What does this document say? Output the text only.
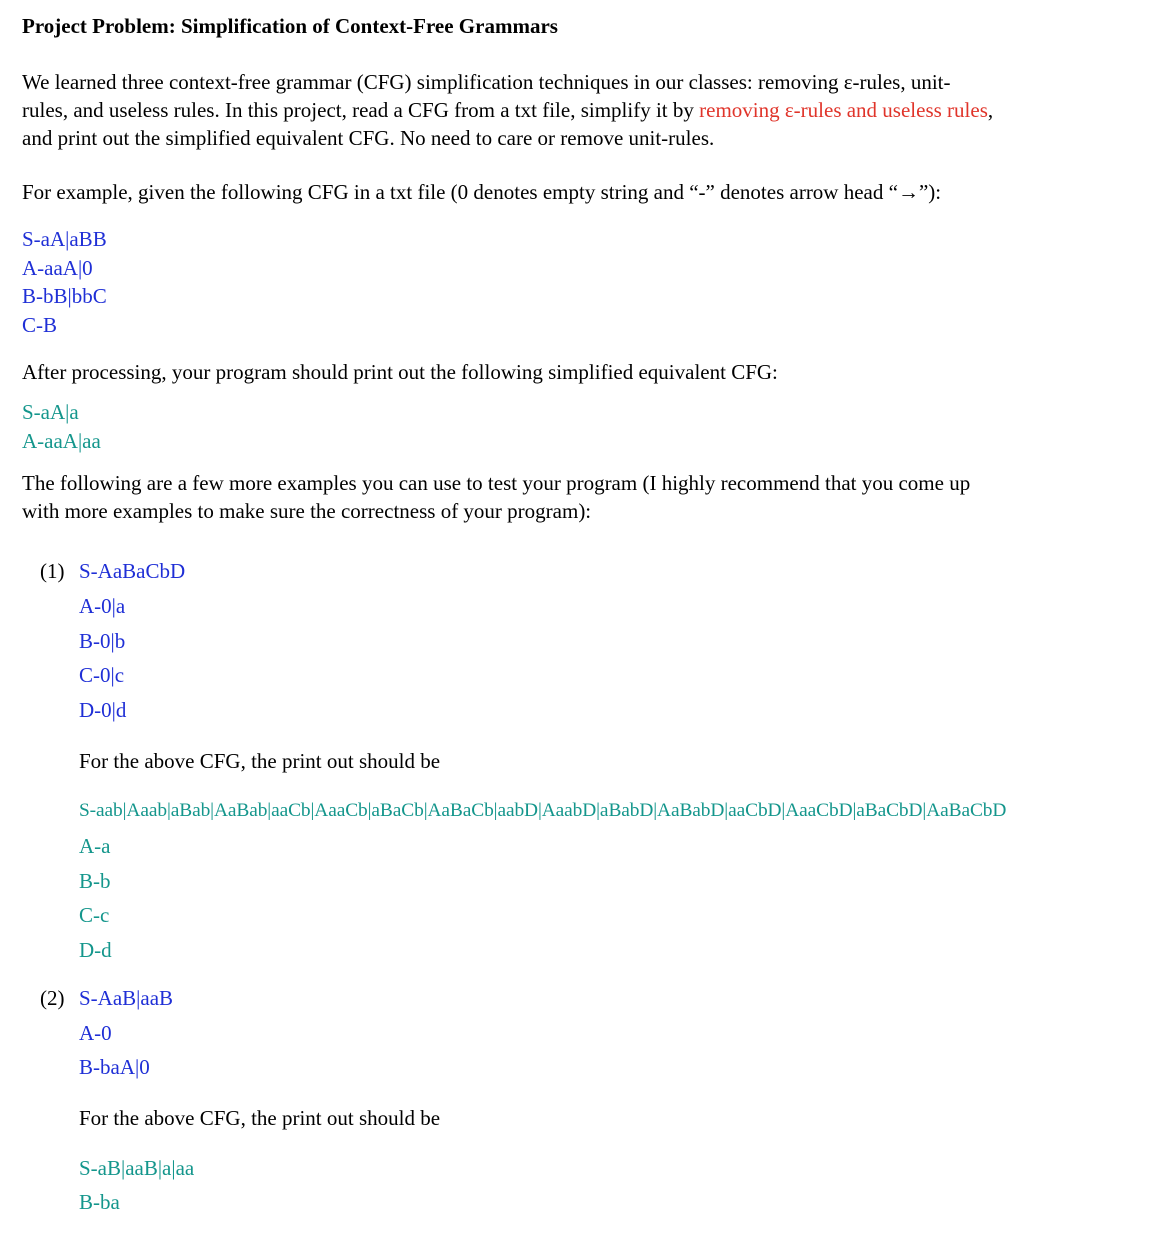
Project Problem: Simplification of Context-Free Grammars

We learned three context-free grammar (CFG) simplification techniques in our classes: removing ε-rules, unit-

rules, and useless rules. In this project, read a CFG from a txt file, simplify it by removing ε-rules and useless rules,

and print out the simplified equivalent CFG. No need to care or remove unit-rules.

For example, given the following CFG in a txt file (0 denotes empty string and “-” denotes arrow head “→”):

S-aA|aBB

A-aaA|0

B-bB|bbC

C-B

After processing, your program should print out the following simplified equivalent CFG:

S-aA|a

A-aaA|aa

The following are a few more examples you can use to test your program (I highly recommend that you come up

with more examples to make sure the correctness of your program):

(1) S-AaBaCbD

A-0|a

B-0|b

C-0|c

D-0|d

For the above CFG, the print out should be

S-aab|Aaab|aBab|AaBab|aaCb|AaaCb|aBaCb|AaBaCb|aabD|AaabD|aBabD|AaBabD|aaCbD|AaaCbD|aBaCbD|AaBaCbD

A-a

B-b

C-c

D-d

(2) S-AaB|aaB

A-0

B-baA|0

For the above CFG, the print out should be

S-aB|aaB|a|aa

B-ba
